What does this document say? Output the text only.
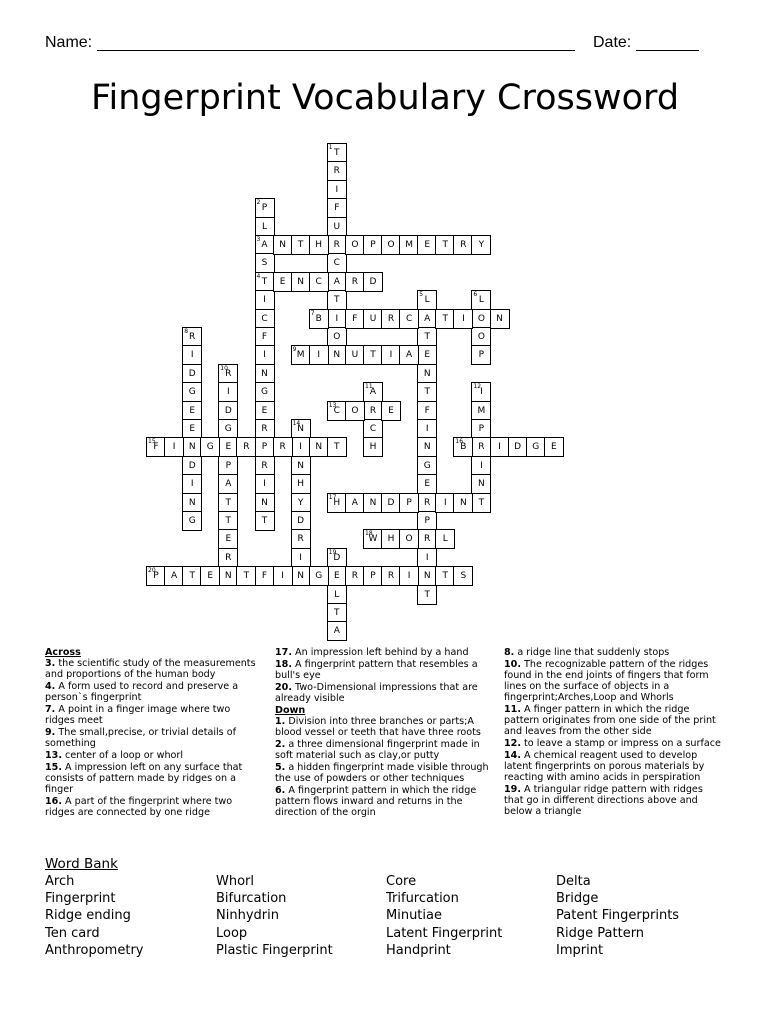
Name:	Date:
Fingerprint Vocabulary Crossword
T
1
R
I
F
U
R
C
A
T
I
O
N
P
2
L
A
3
S
T
4
I
C
F
I
N
G
E
R
P
R
I
N
T
N	T	H	O	P	O	M	E	T	R	Y
E	N	C	R	D
L
5
A
T
E
N
T
F
I
N
G
E
R
P
R
I
N
T
L
6
O
O
P
B
7
F	U	R	C	T	I	N
R
8
I
D
G
E
E
N
D
I
N
G
M
9
I	U	T	I	A
R
10
I
D
G
E
P
A
T
T
E
R
N
A
11
R
C
H
I
12
M
P
R
I
N
T
C
13
O	E
N
14
I
N
H
Y
D
R
I
N
F
15
I	G	R	R	N	T	B
16
I	D	G	E
H
17
A	N	D	P	I	N
W
18
H	O	L
D
19
E
L
T
A
P
20
A	T	E	T	F	I	G	R	P	R	I	T	S
Across
3. the scientific study of the measurements and proportions of the human body
4. A form used to record and preserve a person`s fingerprint
7. A point in a finger image where two ridges meet
9. The small,precise, or trivial details of something
13. center of a loop or whorl
15. A impression left on any surface that consists of pattern made by ridges on a finger
16. A part of the fingerprint where two ridges are connected by one ridge
17. An impression left behind by a hand
18. A fingerprint pattern that resembles a bull's eye
20. Two-Dimensional impressions that are already visible
Down
1. Division into three branches or parts;A blood vessel or teeth that have three roots
2. a three dimensional fingerprint made in soft material such as clay,or putty
5. a hidden fingerprint made visible through the use of powders or other techniques
6. A fingerprint pattern in which the ridge pattern flows inward and returns in the direction of the orgin
8. a ridge line that suddenly stops
10. The recognizable pattern of the ridges found in the end joints of fingers that form lines on the surface of objects in a fingerprint;Arches,Loop and Whorls
11. A finger pattern in which the ridge pattern originates from one side of the print and leaves from the other side
12. to leave a stamp or impress on a surface
14. A chemical reagent used to develop latent fingerprints on porous materials by reacting with amino acids in perspiration
19. A triangular ridge pattern with ridges that go in different directions above and below a triangle
Word Bank
Arch	Whorl	Core	Delta
Fingerprint	Bifurcation	Trifurcation	Bridge
Ridge ending	Ninhydrin	Minutiae	Patent Fingerprints
Ten card	Loop	Latent Fingerprint	Ridge Pattern
Anthropometry	Plastic Fingerprint	Handprint	Imprint
